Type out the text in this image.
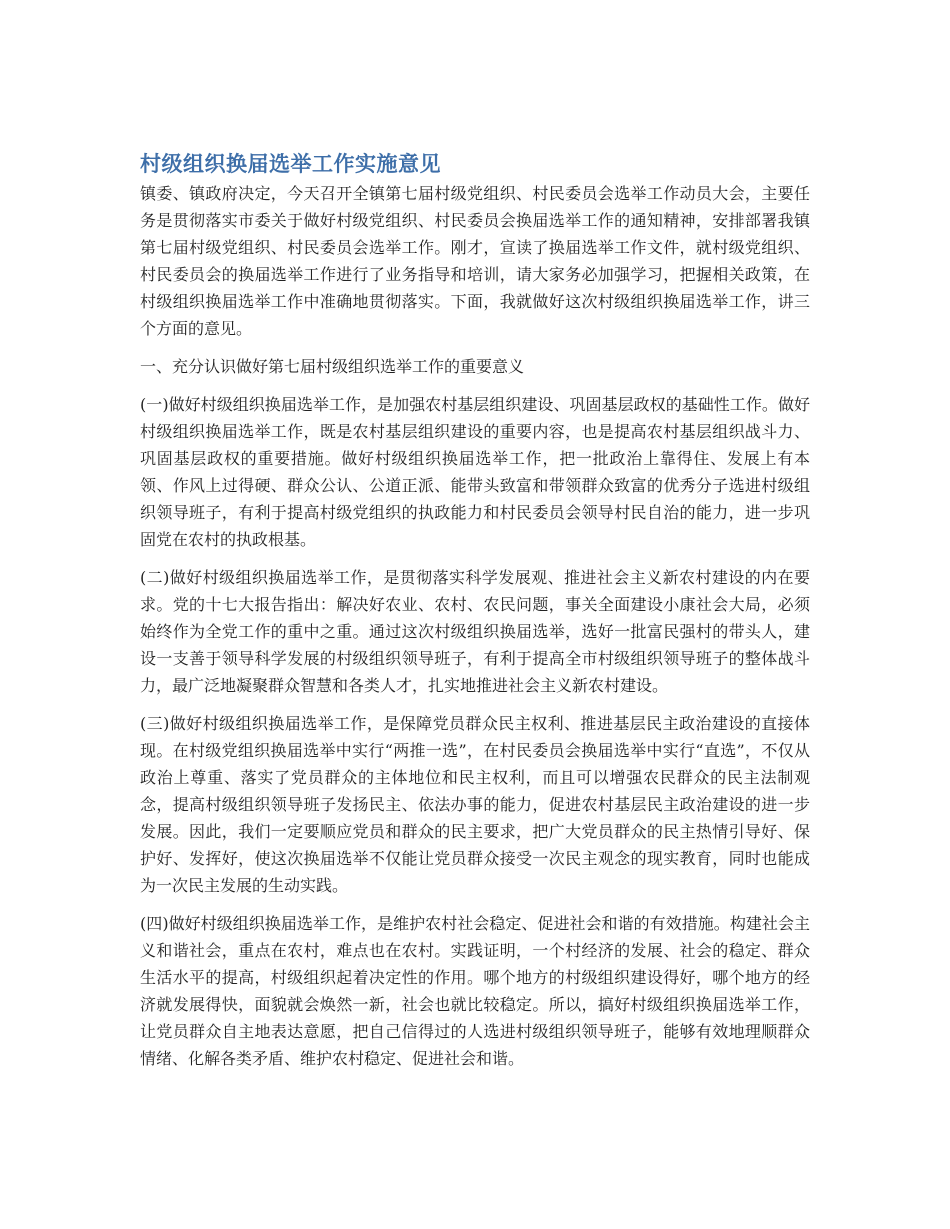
村级组织换届选举工作实施意见

镇委、镇政府决定，今天召开全镇第七届村级党组织、村民委员会选举工作动员大会，主要任务是贯彻落实市委关于做好村级党组织、村民委员会换届选举工作的通知精神，安排部署我镇第七届村级党组织、村民委员会选举工作。刚才，宣读了换届选举工作文件，就村级党组织、村民委员会的换届选举工作进行了业务指导和培训，请大家务必加强学习，把握相关政策，在村级组织换届选举工作中准确地贯彻落实。下面，我就做好这次村级组织换届选举工作，讲三个方面的意见。

一、充分认识做好第七届村级组织选举工作的重要意义

(一)做好村级组织换届选举工作，是加强农村基层组织建设、巩固基层政权的基础性工作。做好村级组织换届选举工作，既是农村基层组织建设的重要内容，也是提高农村基层组织战斗力、巩固基层政权的重要措施。做好村级组织换届选举工作，把一批政治上靠得住、发展上有本领、作风上过得硬、群众公认、公道正派、能带头致富和带领群众致富的优秀分子选进村级组织领导班子，有利于提高村级党组织的执政能力和村民委员会领导村民自治的能力，进一步巩固党在农村的执政根基。

(二)做好村级组织换届选举工作，是贯彻落实科学发展观、推进社会主义新农村建设的内在要求。党的十七大报告指出：解决好农业、农村、农民问题，事关全面建设小康社会大局，必须始终作为全党工作的重中之重。通过这次村级组织换届选举，选好一批富民强村的带头人，建设一支善于领导科学发展的村级组织领导班子，有利于提高全市村级组织领导班子的整体战斗力，最广泛地凝聚群众智慧和各类人才，扎实地推进社会主义新农村建设。

(三)做好村级组织换届选举工作，是保障党员群众民主权利、推进基层民主政治建设的直接体现。在村级党组织换届选举中实行“两推一选”，在村民委员会换届选举中实行“直选”，不仅从政治上尊重、落实了党员群众的主体地位和民主权利，而且可以增强农民群众的民主法制观念，提高村级组织领导班子发扬民主、依法办事的能力，促进农村基层民主政治建设的进一步发展。因此，我们一定要顺应党员和群众的民主要求，把广大党员群众的民主热情引导好、保护好、发挥好，使这次换届选举不仅能让党员群众接受一次民主观念的现实教育，同时也能成为一次民主发展的生动实践。

(四)做好村级组织换届选举工作，是维护农村社会稳定、促进社会和谐的有效措施。构建社会主义和谐社会，重点在农村，难点也在农村。实践证明，一个村经济的发展、社会的稳定、群众生活水平的提高，村级组织起着决定性的作用。哪个地方的村级组织建设得好，哪个地方的经济就发展得快，面貌就会焕然一新，社会也就比较稳定。所以，搞好村级组织换届选举工作，让党员群众自主地表达意愿，把自己信得过的人选进村级组织领导班子，能够有效地理顺群众情绪、化解各类矛盾、维护农村稳定、促进社会和谐。
